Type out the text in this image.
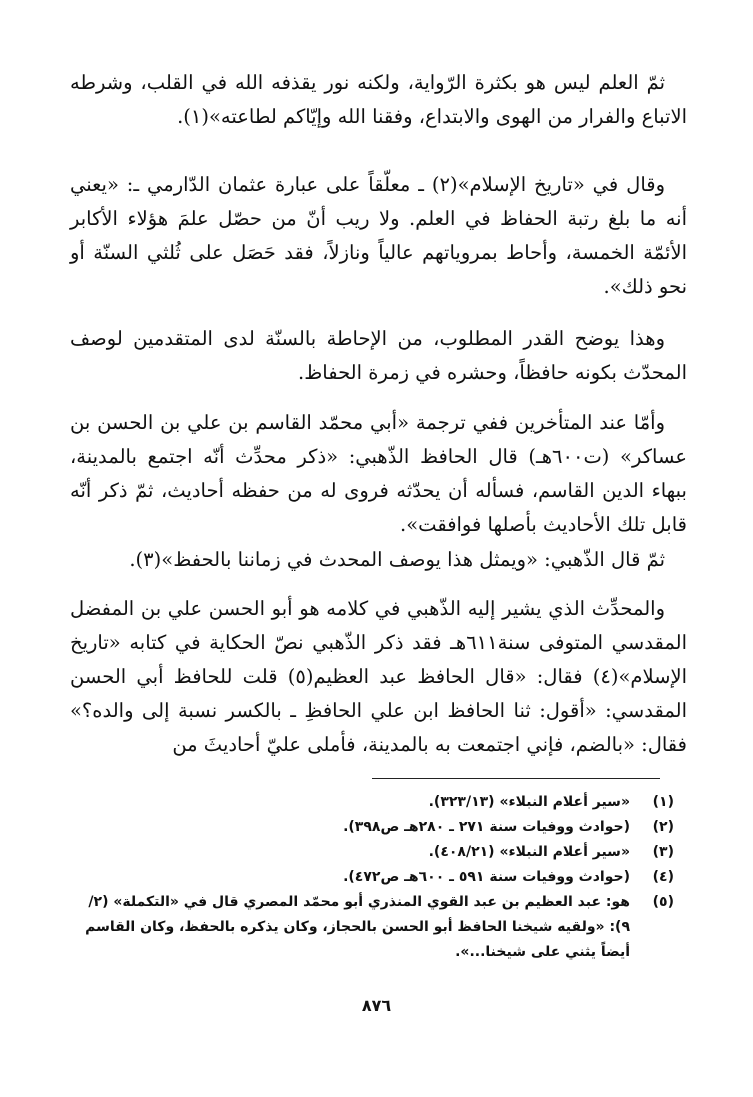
ثمّ العلم ليس هو بكثرة الرّواية، ولكنه نور يقذفه الله في القلب، وشرطه الاتباع والفرار من الهوى والابتداع، وفقنا الله وإيّاكم لطاعته»(١).
وقال في «تاريخ الإسلام»(٢) ـ معلّقاً على عبارة عثمان الدّارمي ـ: «يعني أنه ما بلغ رتبة الحفاظ في العلم. ولا ريب أنّ من حصّل علمَ هؤلاء الأكابر الأئمّة الخمسة، وأحاط بمروياتهم عالياً ونازلاً، فقد حَصَل على ثُلثي السنّة أو نحو ذلك».
وهذا يوضح القدر المطلوب، من الإحاطة بالسنّة لدى المتقدمين لوصف المحدّث بكونه حافظاً، وحشره في زمرة الحفاظ.
وأمّا عند المتأخرين ففي ترجمة «أبي محمّد القاسم بن علي بن الحسن بن عساكر» (ت٦٠٠هـ) قال الحافظ الذّهبي: «ذكر محدِّث أنّه اجتمع بالمدينة، ببهاء الدين القاسم، فسأله أن يحدّثه فروى له من حفظه أحاديث، ثمّ ذكر أنّه قابل تلك الأحاديث بأصلها فوافقت».
ثمّ قال الذّهبي: «ويمثل هذا يوصف المحدث في زماننا بالحفظ»(٣).
والمحدِّث الذي يشير إليه الذّهبي في كلامه هو أبو الحسن علي بن المفضل المقدسي المتوفى سنة٦١١هـ فقد ذكر الذّهبي نصّ الحكاية في كتابه «تاريخ الإسلام»(٤) فقال: «قال الحافظ عبد العظيم(٥) قلت للحافظ أبي الحسن المقدسي: «أقول: ثنا الحافظ ابن علي الحافظِ ـ بالكسر نسبة إلى والده؟» فقال: «بالضم، فإني اجتمعت به بالمدينة، فأملى عليّ أحاديثَ من
(١)
«سير أعلام النبلاء» (٣٢٣/١٣).
(٢)
(حوادث ووفيات سنة ٢٧١ ـ ٢٨٠هـ ص٣٩٨).
(٣)
«سير أعلام النبلاء» (٤٠٨/٢١).
(٤)
(حوادث ووفيات سنة ٥٩١ ـ ٦٠٠هـ ص٤٧٢).
(٥)
هو: عبد العظيم بن عبد القوي المنذري أبو محمّد المصري قال في «التكملة» (٢/ ٩): «ولقيه شيخنا الحافظ أبو الحسن بالحجاز، وكان يذكره بالحفظ، وكان القاسم أيضاً يثني على شيخنا...».
٨٧٦
